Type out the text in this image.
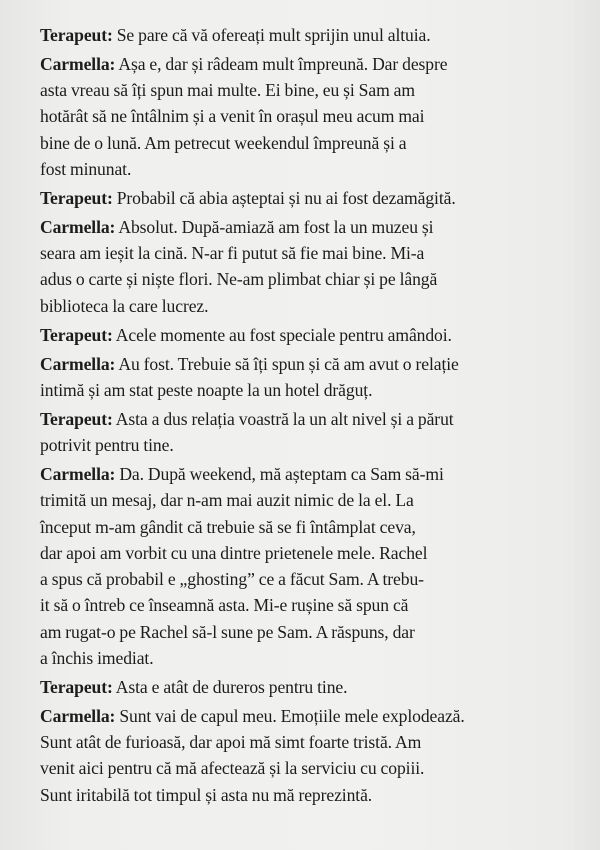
Terapeut: Se pare că vă ofereați mult sprijin unul altuia.
Carmella: Așa e, dar și râdeam mult împreună. Dar despre
asta vreau să îți spun mai multe. Ei bine, eu și Sam am
hotărât să ne întâlnim și a venit în orașul meu acum mai
bine de o lună. Am petrecut weekendul împreună și a
fost minunat.
Terapeut: Probabil că abia așteptai și nu ai fost dezamăgită.
Carmella: Absolut. După-amiază am fost la un muzeu și
seara am ieșit la cină. N-ar fi putut să fie mai bine. Mi-a
adus o carte și niște flori. Ne-am plimbat chiar și pe lângă
biblioteca la care lucrez.
Terapeut: Acele momente au fost speciale pentru amândoi.
Carmella: Au fost. Trebuie să îți spun și că am avut o relație
intimă și am stat peste noapte la un hotel drăguț.
Terapeut: Asta a dus relația voastră la un alt nivel și a părut
potrivit pentru tine.
Carmella: Da. După weekend, mă așteptam ca Sam să-mi
trimită un mesaj, dar n-am mai auzit nimic de la el. La
început m-am gândit că trebuie să se fi întâmplat ceva,
dar apoi am vorbit cu una dintre prietenele mele. Rachel
a spus că probabil e „ghosting” ce a făcut Sam. A trebu-
it să o întreb ce înseamnă asta. Mi-e rușine să spun că
am rugat-o pe Rachel să-l sune pe Sam. A răspuns, dar
a închis imediat.
Terapeut: Asta e atât de dureros pentru tine.
Carmella: Sunt vai de capul meu. Emoțiile mele explodează.
Sunt atât de furioasă, dar apoi mă simt foarte tristă. Am
venit aici pentru că mă afectează și la serviciu cu copiii.
Sunt iritabilă tot timpul și asta nu mă reprezintă.
